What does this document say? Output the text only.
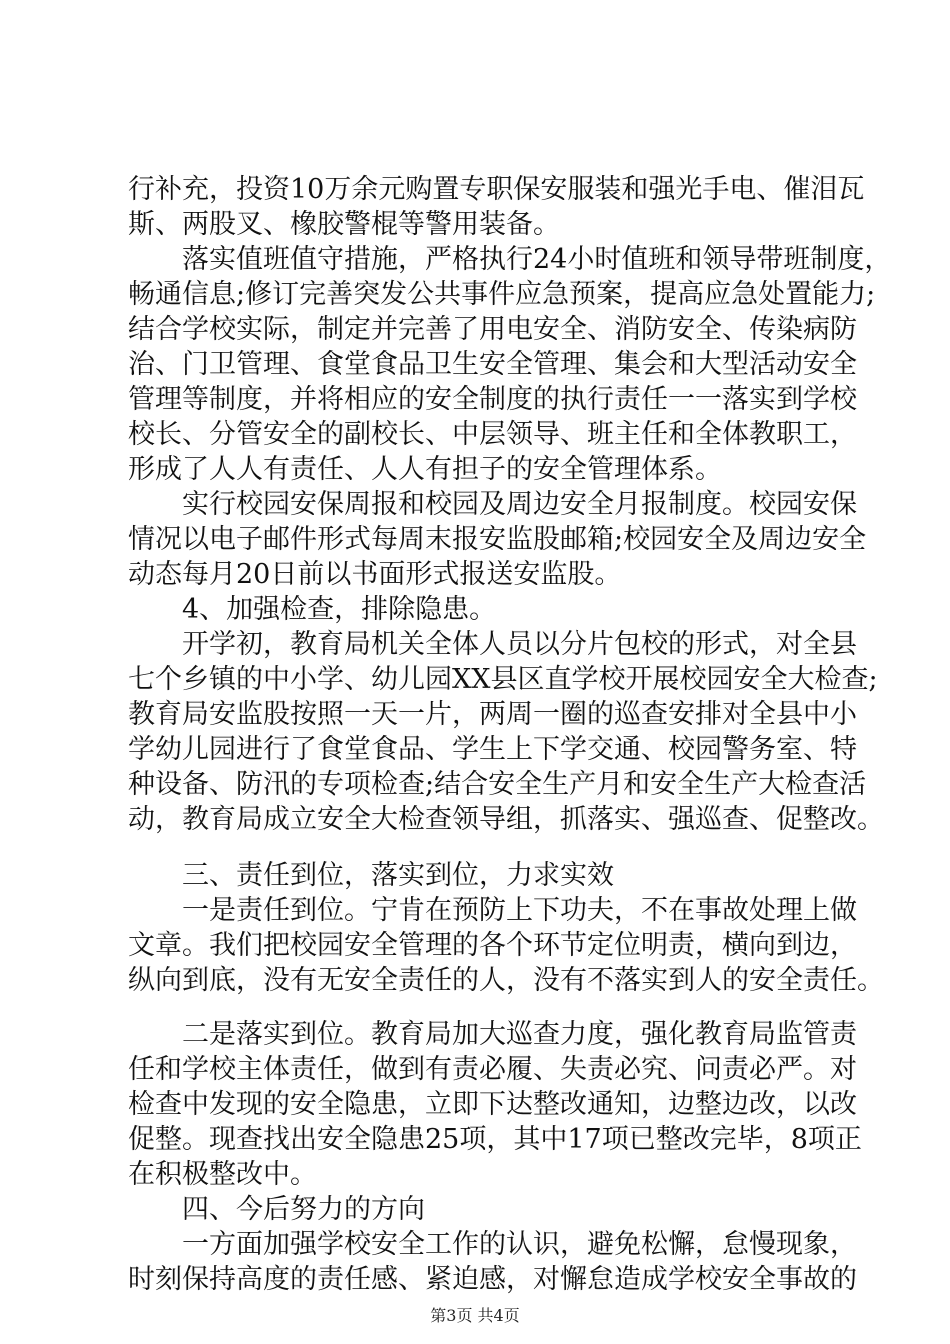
行补充，投资10万余元购置专职保安服装和强光手电、催泪瓦
斯、两股叉、橡胶警棍等警用装备。
　　落实值班值守措施，严格执行24小时值班和领导带班制度，
畅通信息;修订完善突发公共事件应急预案，提高应急处置能力;
结合学校实际，制定并完善了用电安全、消防安全、传染病防
治、门卫管理、食堂食品卫生安全管理、集会和大型活动安全
管理等制度，并将相应的安全制度的执行责任一一落实到学校
校长、分管安全的副校长、中层领导、班主任和全体教职工，
形成了人人有责任、人人有担子的安全管理体系。
　　实行校园安保周报和校园及周边安全月报制度。校园安保
情况以电子邮件形式每周末报安监股邮箱;校园安全及周边安全
动态每月20日前以书面形式报送安监股。
　　4、加强检查，排除隐患。
　　开学初，教育局机关全体人员以分片包校的形式，对全县
七个乡镇的中小学、幼儿园XX县区直学校开展校园安全大检查;
教育局安监股按照一天一片，两周一圈的巡查安排对全县中小
学幼儿园进行了食堂食品、学生上下学交通、校园警务室、特
种设备、防汛的专项检查;结合安全生产月和安全生产大检查活
动，教育局成立安全大检查领导组，抓落实、强巡查、促整改。
　　三、责任到位，落实到位，力求实效
　　一是责任到位。宁肯在预防上下功夫，不在事故处理上做
文章。我们把校园安全管理的各个环节定位明责，横向到边，
纵向到底，没有无安全责任的人，没有不落实到人的安全责任。
　　二是落实到位。教育局加大巡查力度，强化教育局监管责
任和学校主体责任，做到有责必履、失责必究、问责必严。对
检查中发现的安全隐患，立即下达整改通知，边整边改，以改
促整。现查找出安全隐患25项，其中17项已整改完毕，8项正
在积极整改中。
　　四、今后努力的方向
　　一方面加强学校安全工作的认识，避免松懈，怠慢现象，
时刻保持高度的责任感、紧迫感，对懈怠造成学校安全事故的
第3页 共4页
